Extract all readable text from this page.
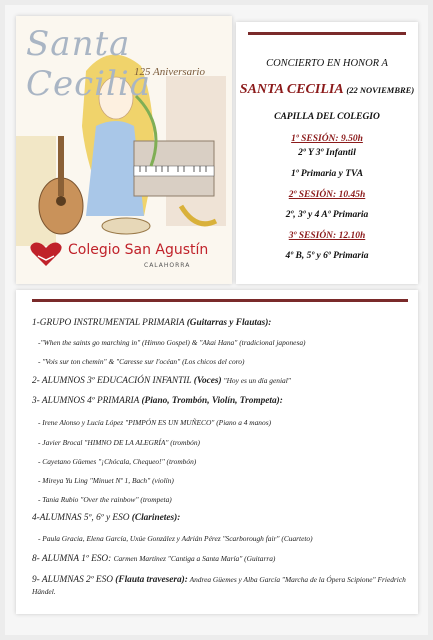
Santa Cecilia
125 Aniversario
Colegio San Agustín
CALAHORRA
CONCIERTO EN HONOR A
SANTA CECILIA (22 NOVIEMBRE)
CAPILLA DEL COLEGIO
1º SESIÓN: 9.50h
2º Y 3º Infantil
1º Primaria y TVA
2º SESIÓN: 10.45h
2º, 3º y 4 Aº Primaria
3º SESIÓN: 12.10h
4º B, 5º y 6º Primaria
1-GRUPO INSTRUMENTAL PRIMARIA (Guitarras y Flautas):
-"When the saints go marching in" (Himno Gospel) & "Akai Hana" (tradicional japonesa)
- "Vois sur ton chemin" & "Caresse sur l'océan" (Los chicos del coro)
2- ALUMNOS 3º EDUCACIÓN INFANTIL (Voces) "Hoy es un día genial"
3- ALUMNOS 4º PRIMARIA (Piano, Trombón, Violín, Trompeta):
- Irene Alonso y Lucía López "PIMPÓN ES UN MUÑECO" (Piano a 4 manos)
- Javier Brocal "HIMNO DE LA ALEGRÍA" (trombón)
- Cayetano Güemes "¡Chócala, Chequeo!" (trombón)
- Mireya Yu Ling "Minuet Nº 1, Bach" (violín)
- Tania Rubio "Over the rainbow" (trompeta)
4-ALUMNAS 5º, 6º y ESO (Clarinetes):
- Paula Gracia, Elena García, Uxúe González y Adrián Pérez "Scarborough fair" (Cuarteto)
8- ALUMNA 1º ESO: Carmen Martínez "Cantiga a Santa María" (Guitarra)
9- ALUMNAS 2º ESO (Flauta travesera): Andrea Güemes y Alba García "Marcha de la Ópera Scipione" Friedrich Händel.
